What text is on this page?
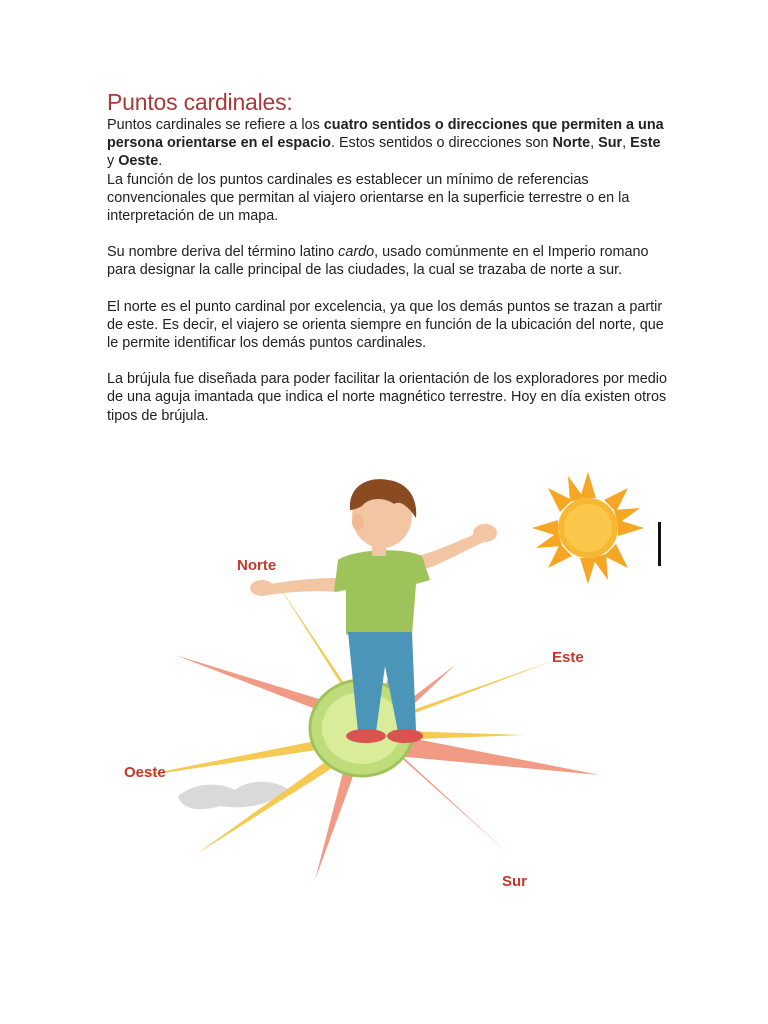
Puntos cardinales:

Puntos cardinales se refiere a los cuatro sentidos o direcciones que permiten a una persona orientarse en el espacio. Estos sentidos o direcciones son Norte, Sur, Este y Oeste.

La función de los puntos cardinales es establecer un mínimo de referencias convencionales que permitan al viajero orientarse en la superficie terrestre o en la interpretación de un mapa.

Su nombre deriva del término latino cardo, usado comúnmente en el Imperio romano para designar la calle principal de las ciudades, la cual se trazaba de norte a sur.

El norte es el punto cardinal por excelencia, ya que los demás puntos se trazan a partir de este. Es decir, el viajero se orienta siempre en función de la ubicación del norte, que le permite identificar los demás puntos cardinales.

La brújula fue diseñada para poder facilitar la orientación de los exploradores por medio de una aguja imantada que indica el norte magnético terrestre. Hoy en día existen otros tipos de brújula.

Norte
Este
Oeste
Sur
